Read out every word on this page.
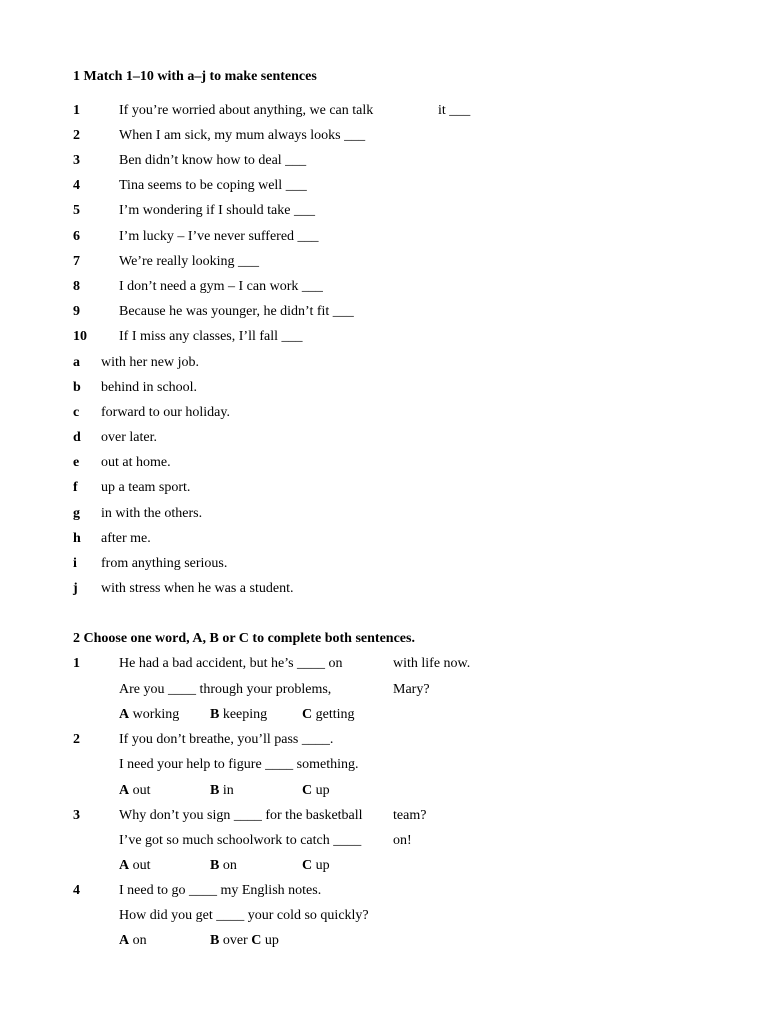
1 Match 1–10 with a–j to make sentences
1	If you’re worried about anything, we can talk	it ___
2	When I am sick, my mum always looks ___
3	Ben didn’t know how to deal ___
4	Tina seems to be coping well ___
5	I’m wondering if I should take ___
6	I’m lucky – I’ve never suffered ___
7	We’re really looking ___
8	I don’t need a gym – I can work ___
9	Because he was younger, he didn’t fit ___
10 If I miss any classes, I’ll fall ___
a with her new job.
b behind in school.
c forward to our holiday.
d over later.
e out at home.
f up a team sport.
g in with the others.
h after me.
i from anything serious.
j with stress when he was a student.
2 Choose one word, A, B or C to complete both sentences.
1	He had a bad accident, but he’s ____ on	with life now.
Are you ____ through your problems,	Mary?
A working B keeping C getting
2	If you don’t breathe, you’ll pass ____.
I need your help to figure ____ something.
A out	B in	C up
3	Why don’t you sign ____ for the basketball team?
I’ve got so much schoolwork to catch ____ on!
A out	B on	C up
4	I need to go ____ my English notes.
How did you get ____ your cold so quickly?
A on	B over C up
